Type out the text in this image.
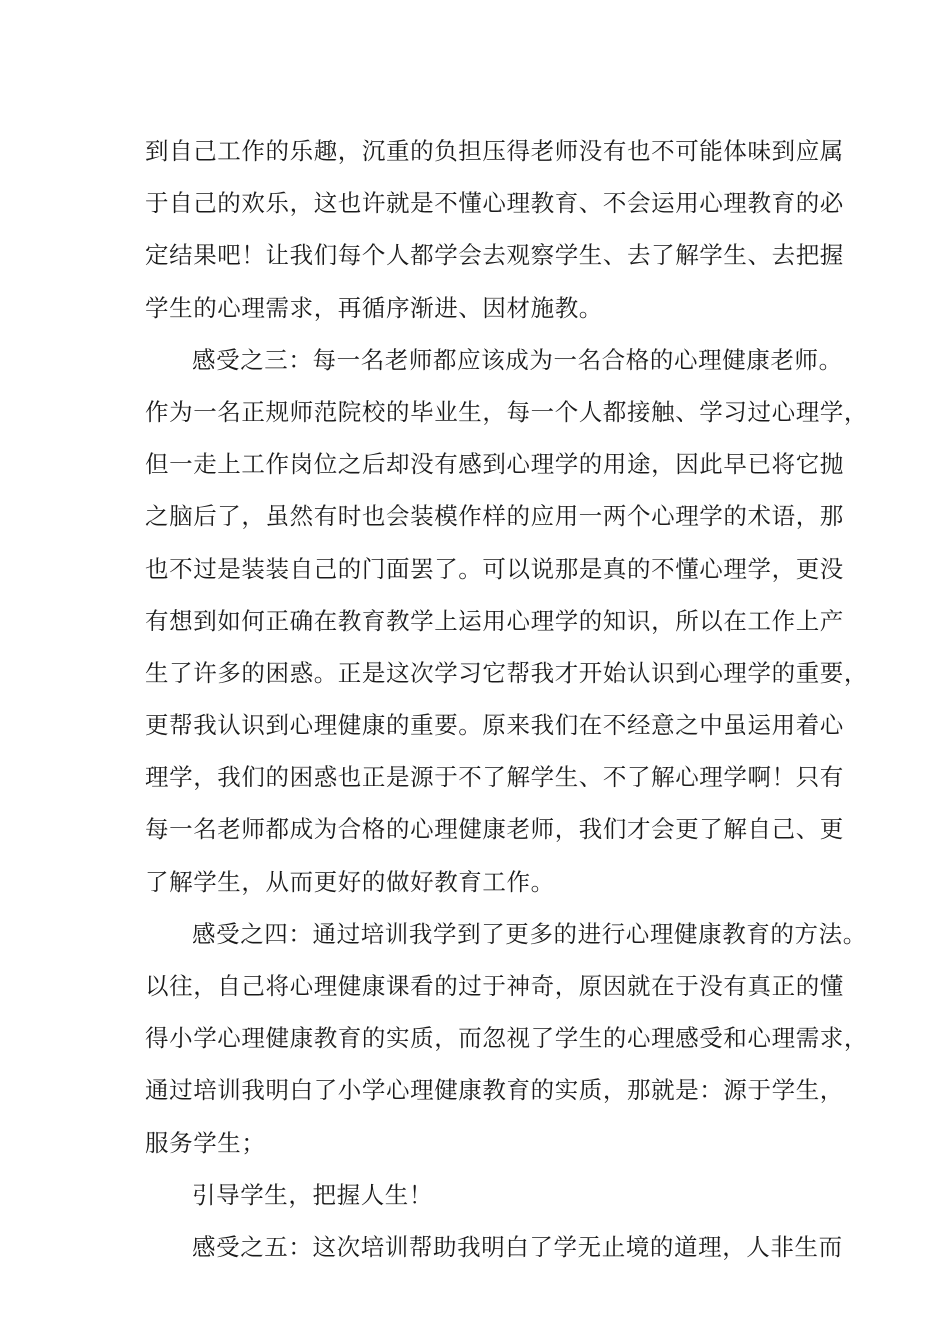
到自己工作的乐趣，沉重的负担压得老师没有也不可能体味到应属
于自己的欢乐，这也许就是不懂心理教育、不会运用心理教育的必
定结果吧！让我们每个人都学会去观察学生、去了解学生、去把握
学生的心理需求，再循序渐进、因材施教。
感受之三：每一名老师都应该成为一名合格的心理健康老师。
作为一名正规师范院校的毕业生，每一个人都接触、学习过心理学，
但一走上工作岗位之后却没有感到心理学的用途，因此早已将它抛
之脑后了，虽然有时也会装模作样的应用一两个心理学的术语，那
也不过是装装自己的门面罢了。可以说那是真的不懂心理学，更没
有想到如何正确在教育教学上运用心理学的知识，所以在工作上产
生了许多的困惑。正是这次学习它帮我才开始认识到心理学的重要，
更帮我认识到心理健康的重要。原来我们在不经意之中虽运用着心
理学，我们的困惑也正是源于不了解学生、不了解心理学啊！只有
每一名老师都成为合格的心理健康老师，我们才会更了解自己、更
了解学生，从而更好的做好教育工作。
感受之四：通过培训我学到了更多的进行心理健康教育的方法。
以往，自己将心理健康课看的过于神奇，原因就在于没有真正的懂
得小学心理健康教育的实质，而忽视了学生的心理感受和心理需求，
通过培训我明白了小学心理健康教育的实质，那就是：源于学生，
服务学生；
引导学生，把握人生！
感受之五：这次培训帮助我明白了学无止境的道理，人非生而
